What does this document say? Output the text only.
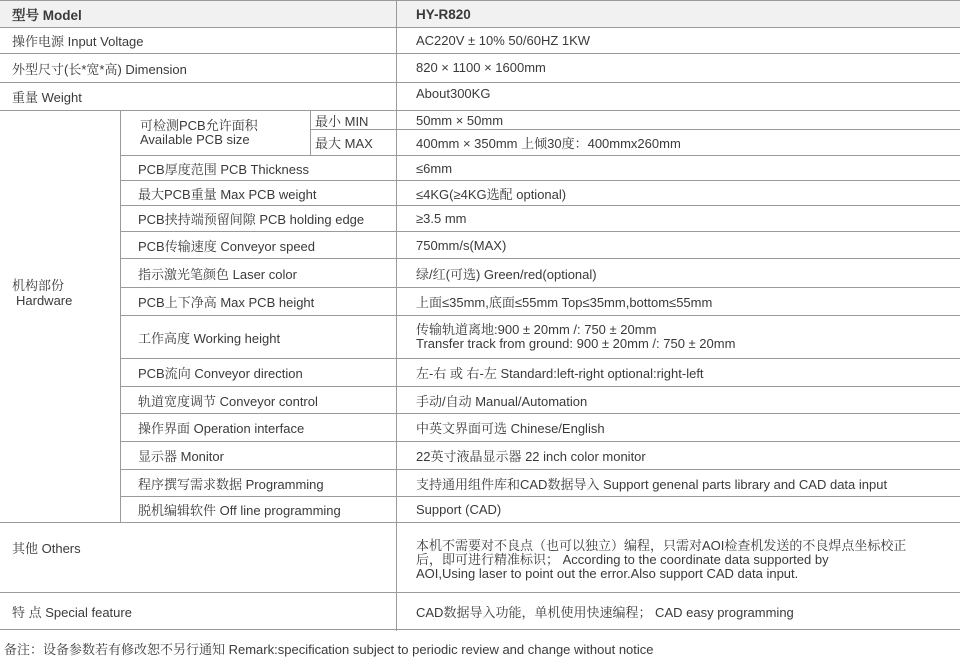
型号 Model	HY-R820
操作电源 Input Voltage	AC220V ± 10% 50/60HZ 1KW
外型尺寸(长*宽*高) Dimension	820 × 1100 × 1600mm
重量 Weight	About300KG
机构部份
Hardware
可检测PCB允许面积
Available PCB size
最小 MIN	50mm × 50mm
最大 MAX	400mm × 350mm 上倾30度：400mmx260mm
PCB厚度范围 PCB Thickness	≤6mm
最大PCB重量 Max PCB weight	≤4KG(≥4KG选配 optional)
PCB挟持端预留间隙 PCB holding edge	≥3.5 mm
PCB传输速度 Conveyor speed	750mm/s(MAX)
指示激光笔颜色 Laser color	绿/红(可选) Green/red(optional)
PCB上下净高 Max PCB height	上面≤35mm,底面≤55mm Top≤35mm,bottom≤55mm
工作高度 Working height
传输轨道离地:900 ± 20mm /: 750 ± 20mm
Transfer track from ground: 900 ± 20mm /: 750 ± 20mm
PCB流向 Conveyor direction	左-右 或 右-左 Standard:left-right optional:right-left
轨道宽度调节 Conveyor control	手动/自动 Manual/Automation
操作界面 Operation interface	中英文界面可选 Chinese/English
显示器 Monitor	22英寸液晶显示器 22 inch color monitor
程序撰写需求数据 Programming	支持通用组件库和CAD数据导入 Support genenal parts library and CAD data input
脱机编辑软件 Off line programming	Support (CAD)
其他 Others	本机不需要对不良点（也可以独立）编程，只需对AOI检查机发送的不良焊点坐标校正
后，即可进行精准标识； According to the coordinate data supported by
AOI,Using laser to point out the error.Also support CAD data input.
特 点 Special feature	CAD数据导入功能，单机使用快速编程； CAD easy programming
备注：设备参数若有修改恕不另行通知 Remark:specification subject to periodic review and change without notice
